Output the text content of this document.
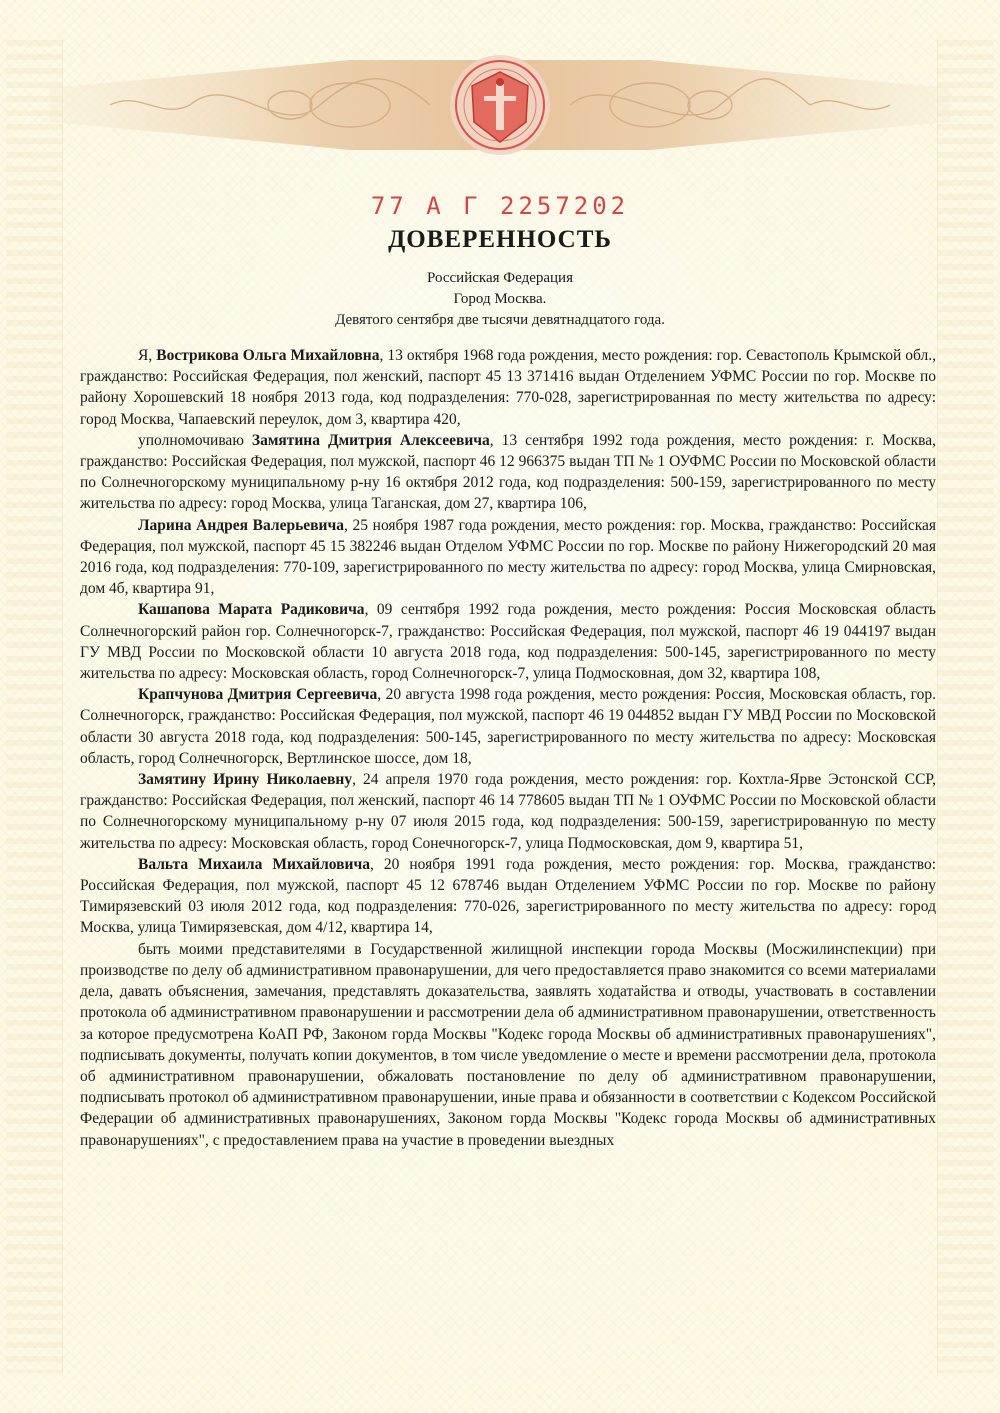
77 А Г 2257202
ДОВЕРЕННОСТЬ
Российская Федерация
Город Москва.
Девятого сентября две тысячи девятнадцатого года.

Я, Вострикова Ольга Михайловна, 13 октября 1968 года рождения, место рождения: гор. Севастополь Крымской обл., гражданство: Российская Федерация, пол женский, паспорт 45 13 371416 выдан Отделением УФМС России по гор. Москве по району Хорошевский 18 ноября 2013 года, код подразделения: 770-028, зарегистрированная по месту жительства по адресу: город Москва, Чапаевский переулок, дом 3, квартира 420,

уполномочиваю Замятина Дмитрия Алексеевича, 13 сентября 1992 года рождения, место рождения: г. Москва, гражданство: Российская Федерация, пол мужской, паспорт 46 12 966375 выдан ТП № 1 ОУФМС России по Московской области по Солнечногорскому муниципальному р-ну 16 октября 2012 года, код подразделения: 500-159, зарегистрированного по месту жительства по адресу: город Москва, улица Таганская, дом 27, квартира 106,

Ларина Андрея Валерьевича, 25 ноября 1987 года рождения, место рождения: гор. Москва, гражданство: Российская Федерация, пол мужской, паспорт 45 15 382246 выдан Отделом УФМС России по гор. Москве по району Нижегородский 20 мая 2016 года, код подразделения: 770-109, зарегистрированного по месту жительства по адресу: город Москва, улица Смирновская, дом 4б, квартира 91,

Кашапова Марата Радиковича, 09 сентября 1992 года рождения, место рождения: Россия Московская область Солнечногорский район гор. Солнечногорск-7, гражданство: Российская Федерация, пол мужской, паспорт 46 19 044197 выдан ГУ МВД России по Московской области 10 августа 2018 года, код подразделения: 500-145, зарегистрированного по месту жительства по адресу: Московская область, город Солнечногорск-7, улица Подмосковная, дом 32, квартира 108,

Крапчунова Дмитрия Сергеевича, 20 августа 1998 года рождения, место рождения: Россия, Московская область, гор. Солнечногорск, гражданство: Российская Федерация, пол мужской, паспорт 46 19 044852 выдан ГУ МВД России по Московской области 30 августа 2018 года, код подразделения: 500-145, зарегистрированного по месту жительства по адресу: Московская область, город Солнечногорск, Вертлинское шоссе, дом 18,

Замятину Ирину Николаевну, 24 апреля 1970 года рождения, место рождения: гор. Кохтла-Ярве Эстонской ССР, гражданство: Российская Федерация, пол женский, паспорт 46 14 778605 выдан ТП № 1 ОУФМС России по Московской области по Солнечногорскому муниципальному р-ну 07 июля 2015 года, код подразделения: 500-159, зарегистрированную по месту жительства по адресу: Московская область, город Сонечногорск-7, улица Подмосковская, дом 9, квартира 51,

Вальта Михаила Михайловича, 20 ноября 1991 года рождения, место рождения: гор. Москва, гражданство: Российская Федерация, пол мужской, паспорт 45 12 678746 выдан Отделением УФМС России по гор. Москве по району Тимирязевский 03 июля 2012 года, код подразделения: 770-026, зарегистрированного по месту жительства по адресу: город Москва, улица Тимирязевская, дом 4/12, квартира 14,

быть моими представителями в Государственной жилищной инспекции города Москвы (Мосжилинспекции) при производстве по делу об административном правонарушении, для чего предоставляется право знакомится со всеми материалами дела, давать объяснения, замечания, представлять доказательства, заявлять ходатайства и отводы, участвовать в составлении протокола об административном правонарушении и рассмотрении дела об административном правонарушении, ответственность за которое предусмотрена КоАП РФ, Законом горда Москвы "Кодекс города Москвы об административных правонарушениях", подписывать документы, получать копии документов, в том числе уведомление о месте и времени рассмотрении дела, протокола об административном правонарушении, обжаловать постановление по делу об административном правонарушении, подписывать протокол об административном правонарушении, иные права и обязанности в соответствии с Кодексом Российской Федерации об административных правонарушениях, Законом горда Москвы "Кодекс города Москвы об административных правонарушениях", с предоставлением права на участие в проведении выездных
